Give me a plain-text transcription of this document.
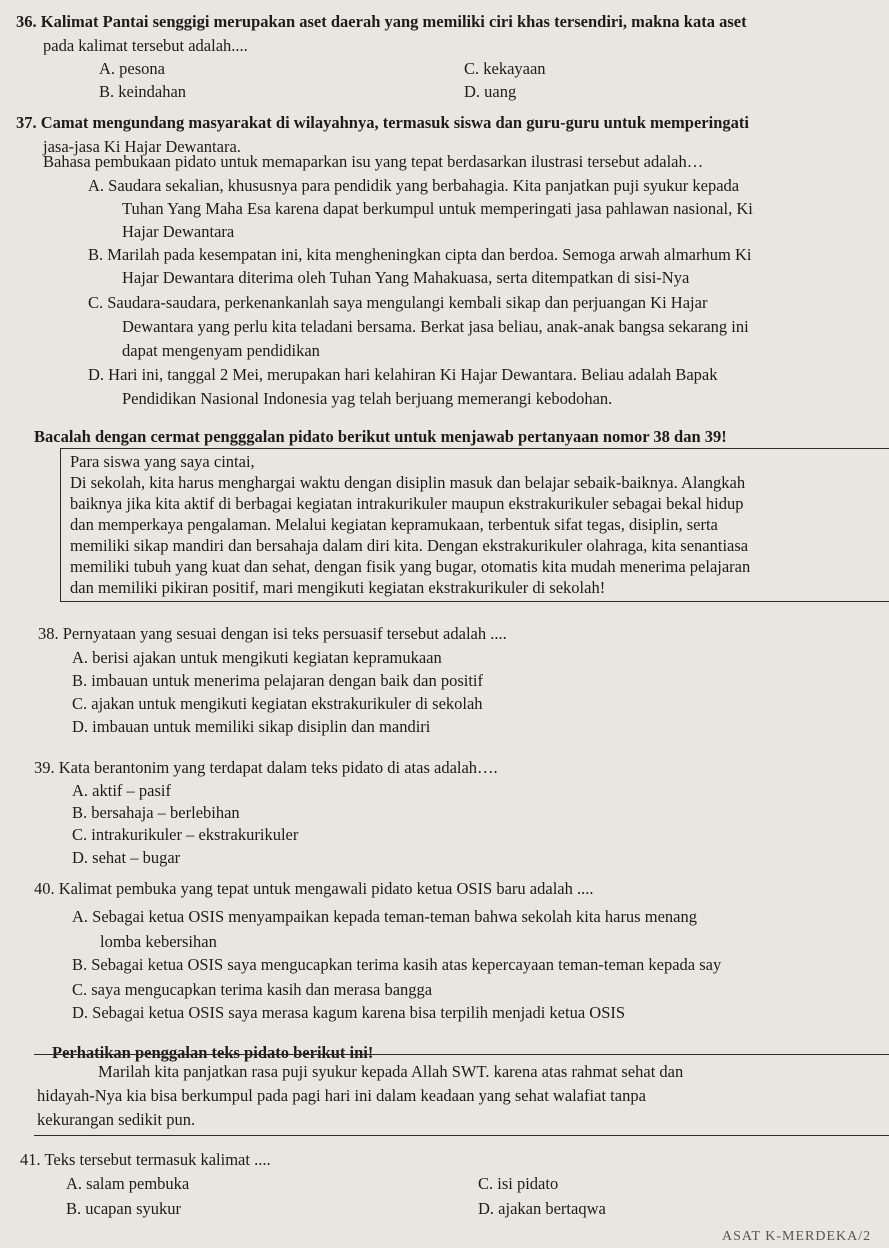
36. Kalimat Pantai senggigi merupakan aset daerah yang memiliki ciri khas tersendiri, makna kata aset
pada kalimat tersebut adalah....
A. pesona	C. kekayaan
B. keindahan	D. uang
37. Camat mengundang masyarakat di wilayahnya, termasuk siswa dan guru-guru untuk memperingati
jasa-jasa Ki Hajar Dewantara.
Bahasa pembukaan pidato untuk memaparkan isu yang tepat berdasarkan ilustrasi tersebut adalah…
A. Saudara sekalian, khususnya para pendidik yang berbahagia. Kita panjatkan puji syukur kepada
Tuhan Yang Maha Esa karena dapat berkumpul untuk memperingati jasa pahlawan nasional, Ki
Hajar Dewantara
B. Marilah pada kesempatan ini, kita mengheningkan cipta dan berdoa. Semoga arwah almarhum Ki
Hajar Dewantara diterima oleh Tuhan Yang Mahakuasa, serta ditempatkan di sisi-Nya
C. Saudara-saudara, perkenankanlah saya mengulangi kembali sikap dan perjuangan Ki Hajar
Dewantara yang perlu kita teladani bersama. Berkat jasa beliau, anak-anak bangsa sekarang ini
dapat mengenyam pendidikan
D. Hari ini, tanggal 2 Mei, merupakan hari kelahiran Ki Hajar Dewantara. Beliau adalah Bapak
Pendidikan Nasional Indonesia yag telah berjuang memerangi kebodohan.
Bacalah dengan cermat pengggalan pidato berikut untuk menjawab pertanyaan nomor 38 dan 39!
Para siswa yang saya cintai,
Di sekolah, kita harus menghargai waktu dengan disiplin masuk dan belajar sebaik-baiknya. Alangkah
baiknya jika kita aktif di berbagai kegiatan intrakurikuler maupun ekstrakurikuler sebagai bekal hidup
dan memperkaya pengalaman. Melalui kegiatan kepramukaan, terbentuk sifat tegas, disiplin, serta
memiliki sikap mandiri dan bersahaja dalam diri kita. Dengan ekstrakurikuler olahraga, kita senantiasa
memiliki tubuh yang kuat dan sehat, dengan fisik yang bugar, otomatis kita mudah menerima pelajaran
dan memiliki pikiran positif, mari mengikuti kegiatan ekstrakurikuler di sekolah!
38. Pernyataan yang sesuai dengan isi teks persuasif tersebut adalah ....
A. berisi ajakan untuk mengikuti kegiatan kepramukaan
B. imbauan untuk menerima pelajaran dengan baik dan positif
C. ajakan untuk mengikuti kegiatan ekstrakurikuler di sekolah
D. imbauan untuk memiliki sikap disiplin dan mandiri
39. Kata berantonim yang terdapat dalam teks pidato di atas adalah….
A. aktif – pasif
B. bersahaja – berlebihan
C. intrakurikuler – ekstrakurikuler
D. sehat – bugar
40. Kalimat pembuka yang tepat untuk mengawali pidato ketua OSIS baru adalah ....
A. Sebagai ketua OSIS menyampaikan kepada teman-teman bahwa sekolah kita harus menang
lomba kebersihan
B. Sebagai ketua OSIS saya mengucapkan terima kasih atas kepercayaan teman-teman kepada say
C. saya mengucapkan terima kasih dan merasa bangga
D. Sebagai ketua OSIS saya merasa kagum karena bisa terpilih menjadi ketua OSIS
Perhatikan penggalan teks pidato berikut ini!
Marilah kita panjatkan rasa puji syukur kepada Allah SWT. karena atas rahmat sehat dan
hidayah-Nya kia bisa berkumpul pada pagi hari ini dalam keadaan yang sehat walafiat tanpa
kekurangan sedikit pun.
41. Teks tersebut termasuk kalimat ....
A. salam pembuka	C. isi pidato
B. ucapan syukur	D. ajakan bertaqwa
ASAT K-MERDEKA/2
